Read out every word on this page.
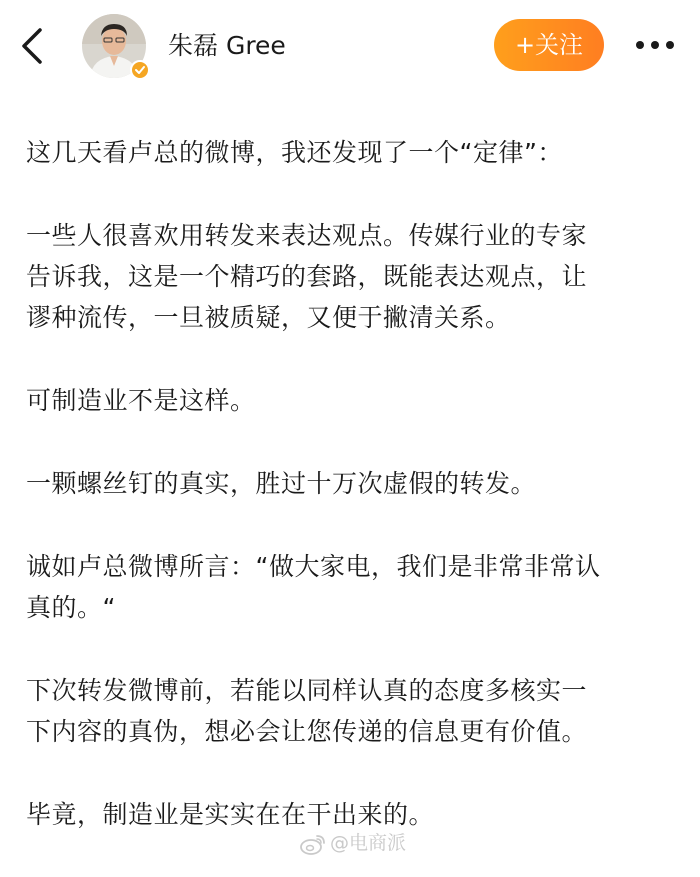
朱磊 Gree	+关注

这几天看卢总的微博，我还发现了一个“定律”：

一些人很喜欢用转发来表达观点。传媒行业的专家
告诉我，这是一个精巧的套路，既能表达观点，让
谬种流传，一旦被质疑，又便于撇清关系。

可制造业不是这样。

一颗螺丝钉的真实，胜过十万次虚假的转发。

诚如卢总微博所言：“做大家电，我们是非常非常认
真的。“

下次转发微博前，若能以同样认真的态度多核实一
下内容的真伪，想必会让您传递的信息更有价值。

毕竟，制造业是实实在在干出来的。

@电商派
